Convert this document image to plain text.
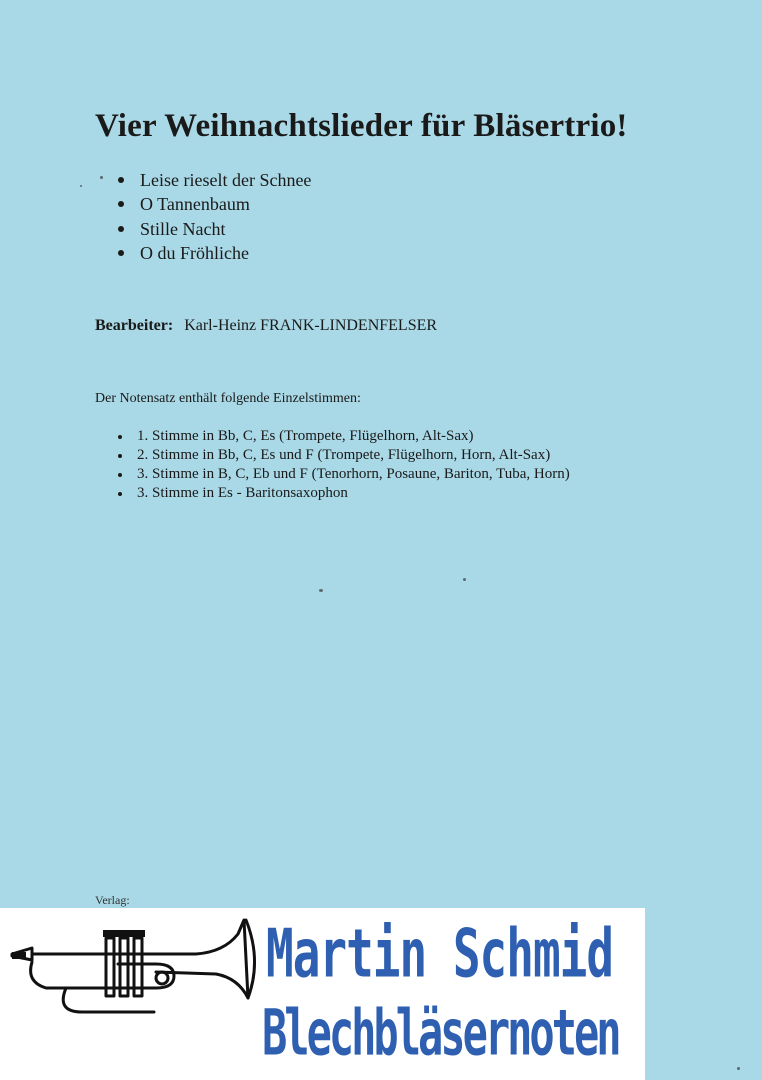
Vier Weihnachtslieder für Bläsertrio!
Leise rieselt der Schnee
O Tannenbaum
Stille Nacht
O du Fröhliche
Bearbeiter: Karl-Heinz FRANK-LINDENFELSER
Der Notensatz enthält folgende Einzelstimmen:
1. Stimme in Bb, C, Es (Trompete, Flügelhorn, Alt-Sax)
2. Stimme in Bb, C, Es und F (Trompete, Flügelhorn, Horn, Alt-Sax)
3. Stimme in B, C, Eb und F (Tenorhorn, Posaune, Bariton, Tuba, Horn)
3. Stimme in Es - Baritonsaxophon
Verlag:
Martin Schmid
Blechbläsernoten
